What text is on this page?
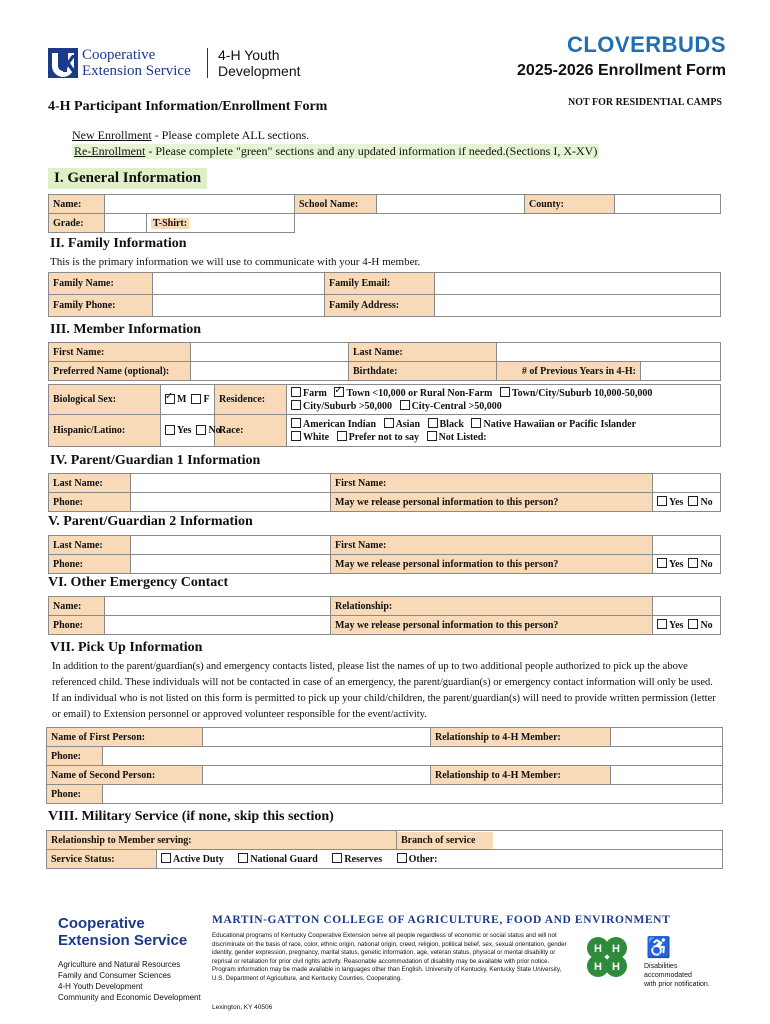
Cooperative
Extension Service
4-H Youth
Development
CLOVERBUDS
2025-2026 Enrollment Form
4-H Participant Information/Enrollment Form	NOT FOR RESIDENTIAL CAMPS
New Enrollment - Please complete ALL sections.
Re-Enrollment - Please complete "green" sections and any updated information if needed.(Sections I, X-XV)
I. General Information
Name:			School Name:		County:	
Grade:		T-Shirt:				
II. Family Information
This is the primary information we will use to communicate with your 4-H member.
Family Name:		Family Email:	
Family Phone:		Family Address:	
III. Member Information
First Name:		Last Name:		
Preferred Name (optional):		Birthdate:	# of Previous Years in 4-H:	
Biological Sex:	✓M F	Residence:	Farm ✓ Town <10,000 or Rural Non-Farm Town/City/Suburb 10,000-50,000
City/Suburb >50,000 City-Central >50,000
Hispanic/Latino:	Yes No	Race:	American Indian Asian Black Native Hawaiian or Pacific Islander
White Prefer not to say Not Listed:
IV. Parent/Guardian 1 Information
Last Name:		First Name:	
Phone:		May we release personal information to this person?	Yes No
V. Parent/Guardian 2 Information
Last Name:		First Name:	
Phone:		May we release personal information to this person?	Yes No
VI. Other Emergency Contact
Name:		Relationship:	
Phone:		May we release personal information to this person?	Yes No
VII. Pick Up Information
In addition to the parent/guardian(s) and emergency contacts listed, please list the names of up to two additional people authorized to pick up the above referenced child. These individuals will not be contacted in case of an emergency, the parent/guardian(s) or emergency contact information will only be used. If an individual who is not listed on this form is permitted to pick up your child/children, the parent/guardian(s) will need to provide written permission (letter or email) to Extension personnel or approved volunteer responsible for the event/activity.
Name of First Person:			Relationship to 4-H Member:	
Phone:				
Name of Second Person:			Relationship to 4-H Member:	
Phone:				
VIII. Military Service (if none, skip this section)
Relationship to Member serving:		Branch of service
Service Status:	Active Duty National Guard Reserves Other:	
Cooperative
Extension Service
Agriculture and Natural Resources
Family and Consumer Sciences
4-H Youth Development
Community and Economic Development
MARTIN-GATTON COLLEGE OF AGRICULTURE, FOOD AND ENVIRONMENT
Educational programs of Kentucky Cooperative Extension serve all people regardless of economic or social status and will not discriminate on the basis of race, color, ethnic origin, national origin, creed, religion, political belief, sex, sexual orientation, gender identity, gender expression, pregnancy, marital status, genetic information, age, veteran status, physical or mental disability or reprisal or retaliation for prior civil rights activity. Reasonable accommodation of disability may be available with prior notice. Program information may be made available in languages other than English. University of Kentucky, Kentucky State University, U.S. Department of Agriculture, and Kentucky Counties, Cooperating.
Lexington, KY 40506
H H
H H
♿
Disabilities
accommodated
with prior notification.
